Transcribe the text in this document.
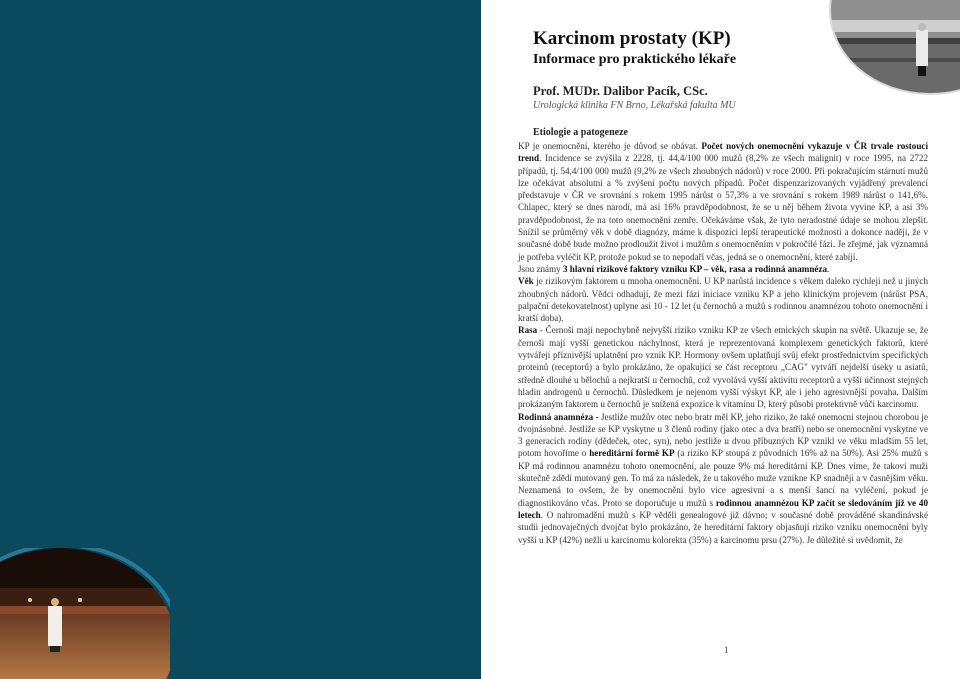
Karcinom prostaty (KP)
Informace pro praktického lékaře
Prof. MUDr. Dalibor Pacík, CSc.
Urologická klinika FN Brno, Lékařská fakulta MU
Etiologie a patogeneze

KP je onemocnění, kterého je důvod se obávat. Počet nových onemocnění vykazuje v ČR trvale rostoucí trend. Incidence se zvýšila z 2228, tj. 44,4/100 000 mužů (8,2% ze všech malignit) v roce 1995, na 2722 případů, tj. 54,4/100 000 mužů (9,2% ze všech zhoubných nádorů) v roce 2000. Při pokračujícím stárnutí mužů lze očekávat absolutní a % zvýšení počtu nových případů. Počet dispenzarizovaných vyjádřený prevalencí představuje v ČR ve srovnání s rokem 1995 nárůst o 57,3% a ve srovnání s rokem 1989 nárůst o 141,6%. Chlapec, který se dnes narodí, má asi 16% pravděpodobnost, že se u něj během života vyvine KP, a asi 3% pravděpodobnost, že na toto onemocnění zemře. Očekáváme však, že tyto neradostné údaje se mohou zlepšit. Snížil se průměrný věk v době diagnózy, máme k dispozici lepší terapeutické možnosti a dokonce naději, že v současné době bude možno prodloužit život i mužům s onemocněním v pokročilé fázi. Je zřejmé, jak významná je potřeba vyléčit KP, protože pokud se to nepodaří včas, jedná se o onemocnění, které zabíjí.

Jsou známy 3 hlavní rizikové faktory vzniku KP – věk, rasa a rodinná anamnéza.

Věk je rizikovým faktorem u mnoha onemocnění. U KP narůstá incidence s věkem daleko rychleji než u jiných zhoubných nádorů. Vědci odhadují, že mezi fází iniciace vzniku KP a jeho klinickým projevem (nárůst PSA, palpační detekovatelnost) uplyne asi 10 - 12 let (u černochů a mužů s rodinnou anamnézou tohoto onemocnění i kratší doba).

Rasa - Černoši mají nepochybně nejvyšší riziko vzniku KP ze všech etnických skupin na světě. Ukazuje se, že černoši mají vyšší genetickou náchylnost, která je reprezentovaná komplexem genetických faktorů, které vytvářejí příznivější uplatnění pro vznik KP. Hormony ovšem uplatňují svůj efekt prostřednictvím specifických proteinů (receptorů) a bylo prokázáno, že opakující se část receptoru „CAG" vytváří nejdelší úseky u asiatů, středně dlouhé u bělochů a nejkratší u černochů, což vyvolává vyšší aktivitu receptorů a vyšší účinnost stejných hladin androgenů u černochů. Důsledkem je nejenom vyšší výskyt KP, ale i jeho agresivnější povaha. Dalším prokázaným faktorem u černochů je snížená expozice k vitamínu D, který působí protektivně vůči karcinomu.

Rodinná anamnéza - Jestliže mužův otec nebo bratr měl KP, jeho riziko, že také onemocní stejnou chorobou je dvojnásobné. Jestliže se KP vyskytne u 3 členů rodiny (jako otec a dva bratři) nebo se onemocnění vyskytne ve 3 generacích rodiny (dědeček, otec, syn), nebo jestliže u dvou příbuzných KP vznikl ve věku mladším 55 let, potom hovoříme o hereditární formě KP (a riziko KP stoupá z původních 16% až na 50%). Asi 25% mužů s KP má rodinnou anamnézu tohoto onemocnění, ale pouze 9% má hereditární KP. Dnes víme, že takoví muži skutečně zdědí mutovaný gen. To má za následek, že u takového muže vznikne KP snadněji a v časnějším věku. Neznamená to ovšem, že by onemocnění bylo více agresivní a s menší šancí na vyléčení, pokud je diagnostikováno včas. Proto se doporučuje u mužů s rodinnou anamnézou KP začít se sledováním již ve 40 letech. O nahromadění mužů s KP věděli genealogové již dávno; v současné době prováděné skandinávské studii jednovaječných dvojčat bylo prokázáno, že hereditární faktory objasňují riziko vzniku onemocnění byly vyšší u KP (42%) nežli u karcinomu kolorekta (35%) a karcinomu prsu (27%). Je důležité si uvědomit, že

1
